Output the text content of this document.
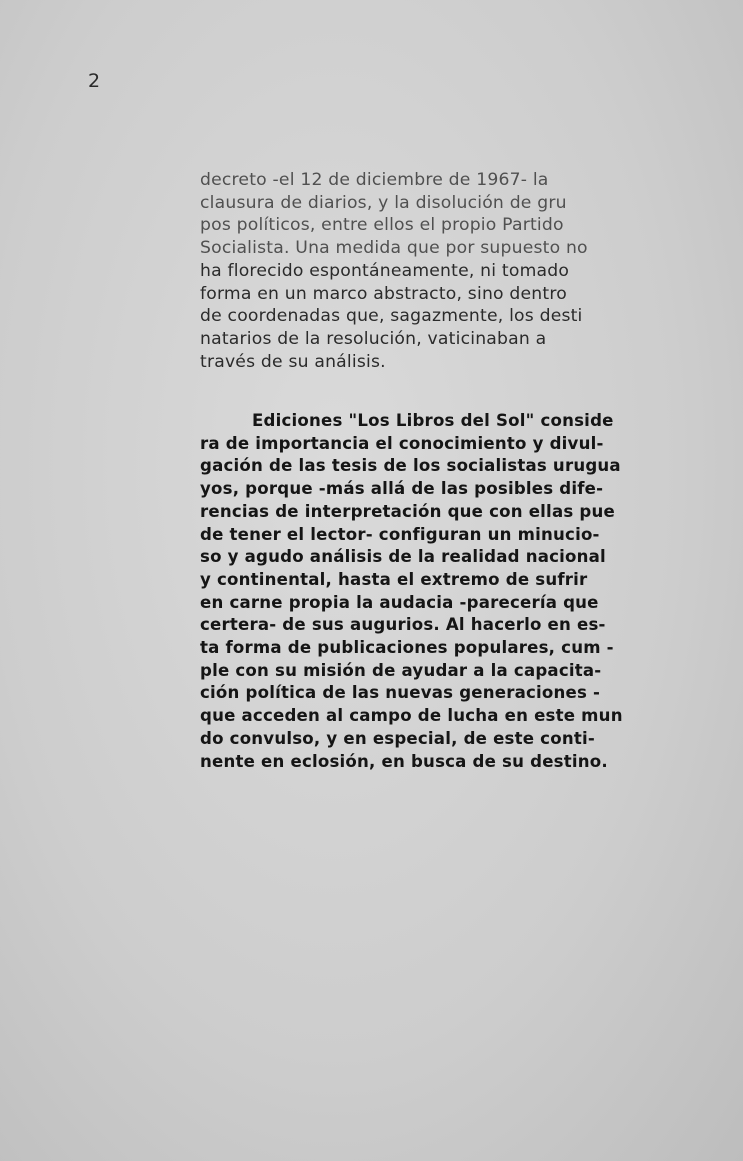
2

decreto -el 12 de diciembre de 1967- la
clausura de diarios, y la disolución de gru
pos políticos, entre ellos el propio Partido
Socialista. Una medida que por supuesto no
ha florecido espontáneamente, ni tomado
forma en un marco abstracto, sino dentro
de coordenadas que, sagazmente, los desti
natarios de la resolución, vaticinaban a
través de su análisis.

Ediciones "Los Libros del Sol" conside
ra de importancia el conocimiento y divul-
gación de las tesis de los socialistas urugua
yos, porque -más allá de las posibles dife-
rencias de interpretación que con ellas pue
de tener el lector- configuran un minucio-
so y agudo análisis de la realidad nacional
y continental, hasta el extremo de sufrir
en carne propia la audacia -parecería que
certera- de sus augurios. Al hacerlo en es-
ta forma de publicaciones populares, cum -
ple con su misión de ayudar a la capacita-
ción política de las nuevas generaciones -
que acceden al campo de lucha en este mun
do convulso, y en especial, de este conti-
nente en eclosión, en busca de su destino.
